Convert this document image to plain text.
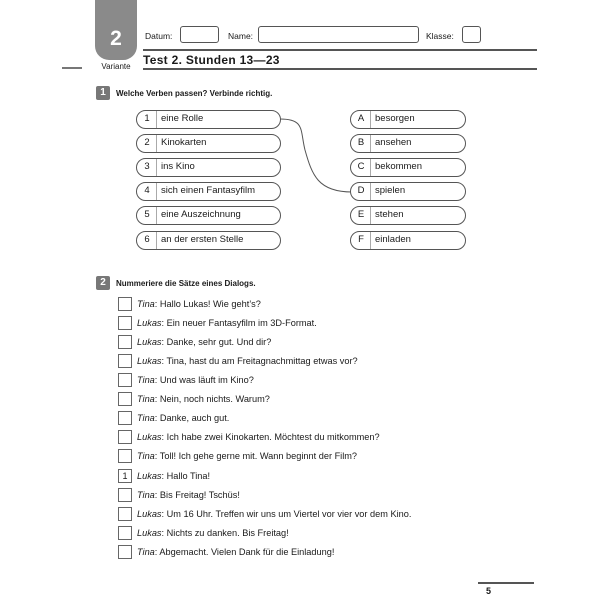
2
Variante
Datum:	Name:	Klasse:
Test 2. Stunden 13—23
1	Welche Verben passen? Verbinde richtig.
1 eine Rolle
2 Kinokarten
3 ins Kino
4 sich einen Fantasyfilm
5 eine Auszeichnung
6 an der ersten Stelle
A besorgen
B ansehen
C bekommen
D spielen
E stehen
F einladen
2	Nummeriere die Sätze eines Dialogs.
Tina: Hallo Lukas! Wie geht’s?
Lukas: Ein neuer Fantasyfilm im 3D-Format.
Lukas: Danke, sehr gut. Und dir?
Lukas: Tina, hast du am Freitagnachmittag etwas vor?
Tina: Und was läuft im Kino?
Tina: Nein, noch nichts. Warum?
Tina: Danke, auch gut.
Lukas: Ich habe zwei Kinokarten. Möchtest du mitkommen?
Tina: Toll! Ich gehe gerne mit. Wann beginnt der Film?
1	Lukas: Hallo Tina!
Tina: Bis Freitag! Tschüs!
Lukas: Um 16 Uhr. Treffen wir uns um Viertel vor vier vor dem Kino.
Lukas: Nichts zu danken. Bis Freitag!
Tina: Abgemacht. Vielen Dank für die Einladung!
5
